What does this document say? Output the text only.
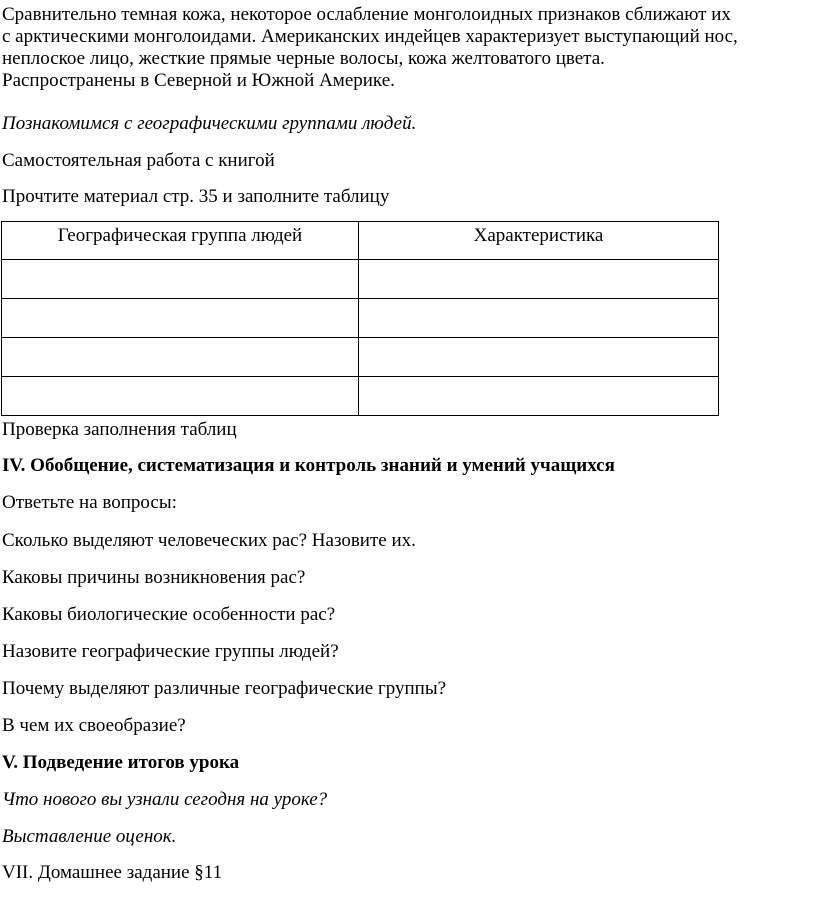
Сравнительно темная кожа, некоторое ослабление монголоидных признаков сближают их
с арктическими монголоидами. Американских индейцев характеризует выступающий нос,
неплоское лицо, жесткие прямые черные волосы, кожа желтоватого цвета.
Распространены в Северной и Южной Америке.

Познакомимся с географическими группами людей.

Самостоятельная работа с книгой

Прочтите материал стр. 35 и заполните таблицу

Географическая группа людей	Характеристика

Проверка заполнения таблиц

IV. Обобщение, систематизация и контроль знаний и умений учащихся

Ответьте на вопросы:

Сколько выделяют человеческих рас? Назовите их.

Каковы причины возникновения рас?

Каковы биологические особенности рас?

Назовите географические группы людей?

Почему выделяют различные географические группы?

В чем их своеобразие?

V. Подведение итогов урока

Что нового вы узнали сегодня на уроке?

Выставление оценок.

VII. Домашнее задание §11
